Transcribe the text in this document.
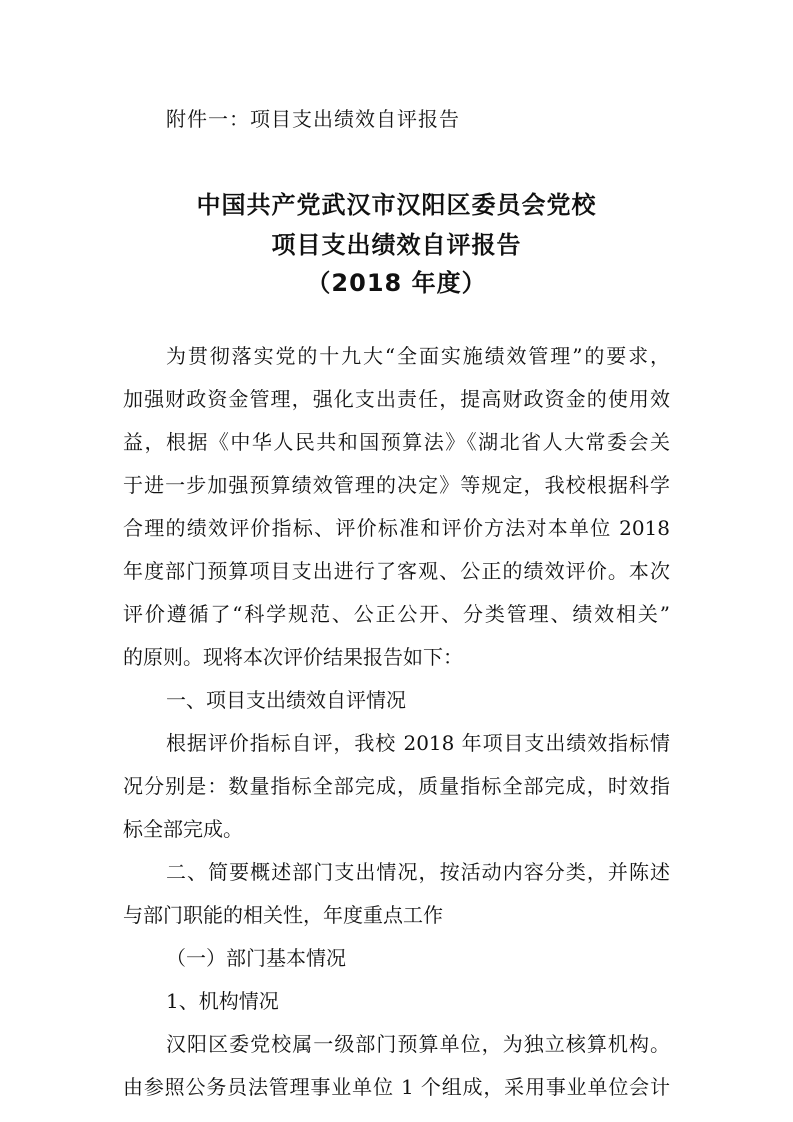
附件一：项目支出绩效自评报告
中国共产党武汉市汉阳区委员会党校
项目支出绩效自评报告
（2018 年度）
为贯彻落实党的十九大“全面实施绩效管理”的要求，
加强财政资金管理，强化支出责任，提高财政资金的使用效
益，根据《中华人民共和国预算法》《湖北省人大常委会关
于进一步加强预算绩效管理的决定》等规定，我校根据科学
合理的绩效评价指标、评价标准和评价方法对本单位 2018
年度部门预算项目支出进行了客观、公正的绩效评价。本次
评价遵循了“科学规范、公正公开、分类管理、绩效相关”
的原则。现将本次评价结果报告如下：
一、项目支出绩效自评情况
根据评价指标自评，我校 2018 年项目支出绩效指标情
况分别是：数量指标全部完成，质量指标全部完成，时效指
标全部完成。
二、简要概述部门支出情况，按活动内容分类，并陈述
与部门职能的相关性，年度重点工作
（一）部门基本情况
1、机构情况
汉阳区委党校属一级部门预算单位，为独立核算机构。
由参照公务员法管理事业单位 1 个组成，采用事业单位会计
